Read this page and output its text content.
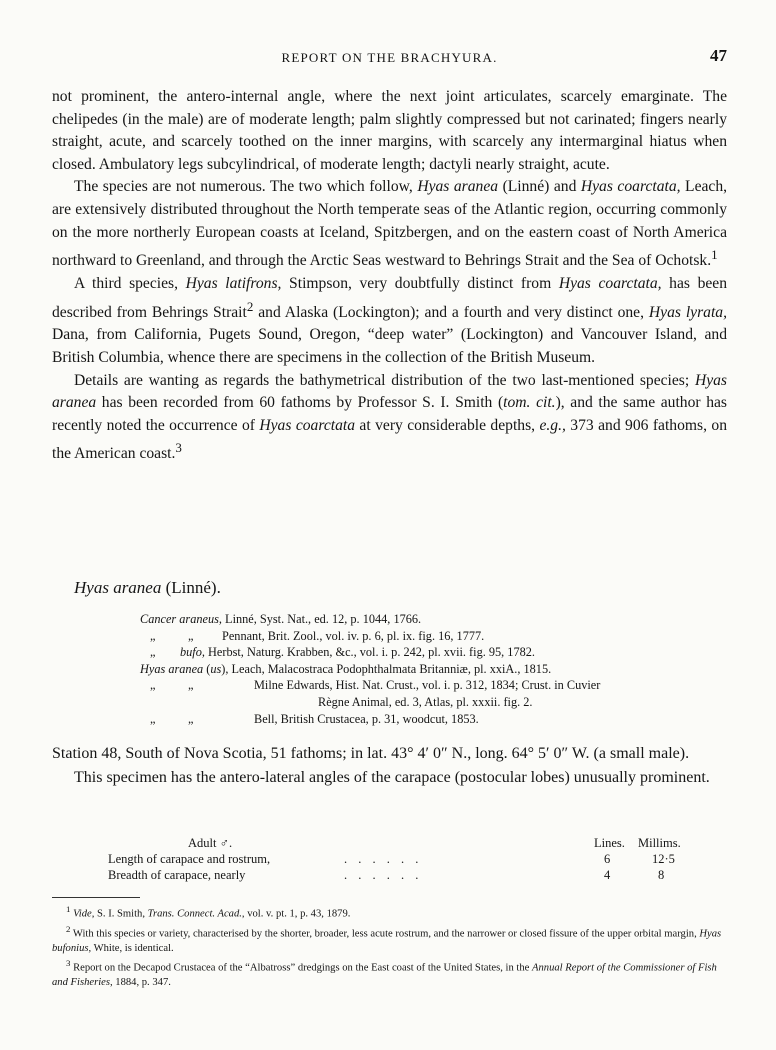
REPORT ON THE BRACHYURA.	47

not prominent, the antero-internal angle, where the next joint articulates, scarcely emarginate. The chelipedes (in the male) are of moderate length; palm slightly compressed but not carinated; fingers nearly straight, acute, and scarcely toothed on the inner margins, with scarcely any intermarginal hiatus when closed. Ambulatory legs subcylindrical, of moderate length; dactyli nearly straight, acute.

The species are not numerous. The two which follow, Hyas aranea (Linné) and Hyas coarctata, Leach, are extensively distributed throughout the North temperate seas of the Atlantic region, occurring commonly on the more northerly European coasts at Iceland, Spitzbergen, and on the eastern coast of North America northward to Greenland, and through the Arctic Seas westward to Behrings Strait and the Sea of Ochotsk.$^1$

A third species, Hyas latifrons, Stimpson, very doubtfully distinct from Hyas coarctata, has been described from Behrings Strait$^2$ and Alaska (Lockington); and a fourth and very distinct one, Hyas lyrata, Dana, from California, Pugets Sound, Oregon, “deep water” (Lockington) and Vancouver Island, and British Columbia, whence there are specimens in the collection of the British Museum.

Details are wanting as regards the bathymetrical distribution of the two last-mentioned species; Hyas aranea has been recorded from 60 fathoms by Professor S. I. Smith (tom. cit.), and the same author has recently noted the occurrence of Hyas coarctata at very considerable depths, e.g., 373 and 906 fathoms, on the American coast.$^3$

Hyas aranea (Linné).
Cancer araneus, Linné, Syst. Nat., ed. 12, p. 1044, 1766.
„	„ Pennant, Brit. Zool., vol. iv. p. 6, pl. ix. fig. 16, 1777.
„ bufo, Herbst, Naturg. Krabben, &c., vol. i. p. 242, pl. xvii. fig. 95, 1782.
Hyas aranea (us), Leach, Malacostraca Podophthalmata Britanniæ, pl. xxiA., 1815.
„	„	Milne Edwards, Hist. Nat. Crust., vol. i. p. 312, 1834; Crust. in Cuvier
Règne Animal, ed. 3, Atlas, pl. xxxii. fig. 2.
„	„	Bell, British Crustacea, p. 31, woodcut, 1853.

Station 48, South of Nova Scotia, 51 fathoms; in lat. 43° 4′ 0″ N., long. 64° 5′ 0″ W. (a small male).

This specimen has the antero-lateral angles of the carapace (postocular lobes) unusually prominent.

Adult ♂.	Lines. Millims.
Length of carapace and rostrum,	. . . . . .	6	12·5
Breadth of carapace, nearly	. . . . . .	4	8

$^1$ Vide, S. I. Smith, Trans. Connect. Acad., vol. v. pt. 1, p. 43, 1879.

$^2$ With this species or variety, characterised by the shorter, broader, less acute rostrum, and the narrower or closed fissure of the upper orbital margin, Hyas bufonius, White, is identical.

$^3$ Report on the Decapod Crustacea of the “Albatross” dredgings on the East coast of the United States, in the Annual Report of the Commissioner of Fish and Fisheries, 1884, p. 347.
